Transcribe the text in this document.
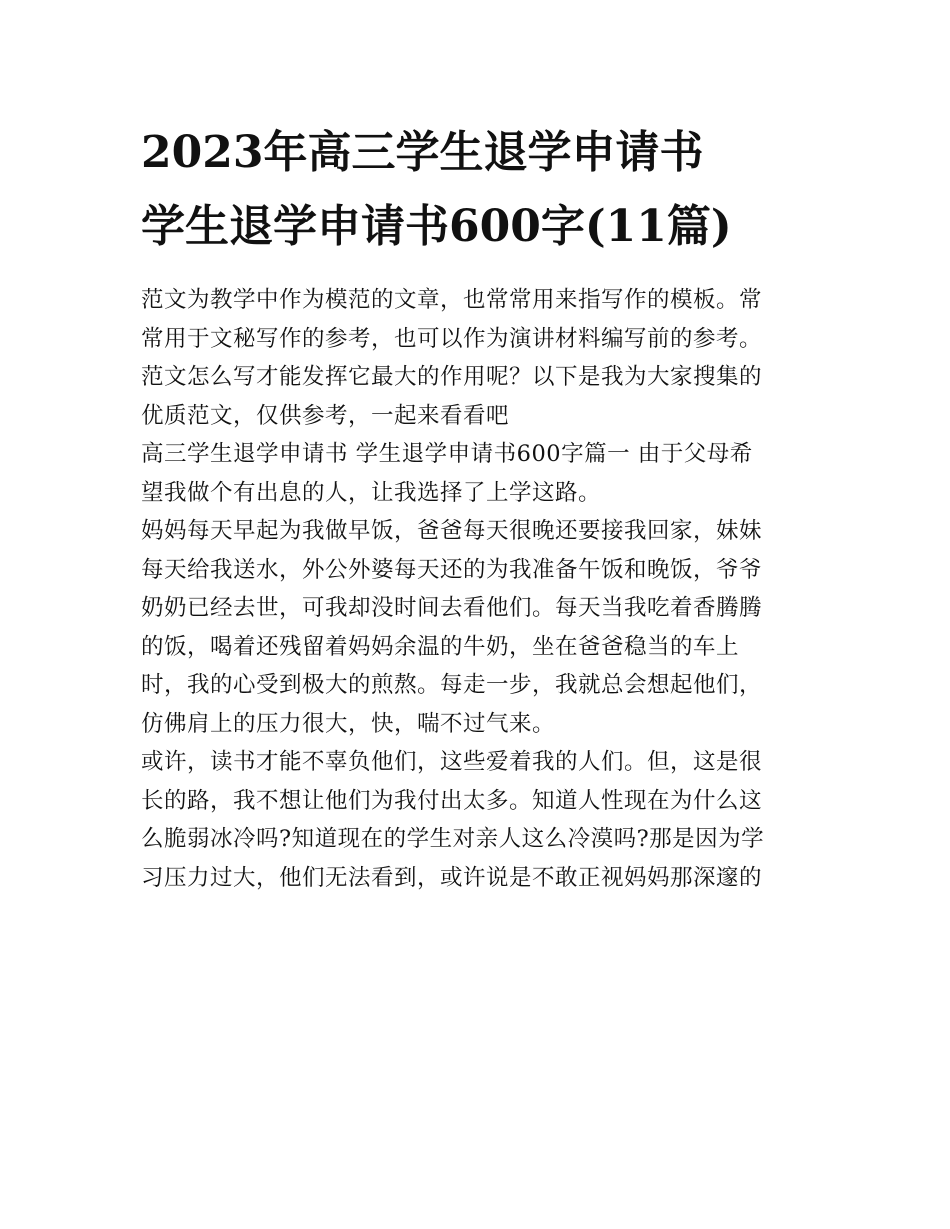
2023年高三学生退学申请书
学生退学申请书600字(11篇)
范文为教学中作为模范的文章，也常常用来指写作的模板。常
常用于文秘写作的参考，也可以作为演讲材料编写前的参考。
范文怎么写才能发挥它最大的作用呢？以下是我为大家搜集的
优质范文，仅供参考，一起来看看吧
高三学生退学申请书 学生退学申请书600字篇一 由于父母希
望我做个有出息的人，让我选择了上学这路。
妈妈每天早起为我做早饭，爸爸每天很晚还要接我回家，妹妹
每天给我送水，外公外婆每天还的为我准备午饭和晚饭，爷爷
奶奶已经去世，可我却没时间去看他们。每天当我吃着香腾腾
的饭，喝着还残留着妈妈余温的牛奶，坐在爸爸稳当的车上
时，我的心受到极大的煎熬。每走一步，我就总会想起他们，
仿佛肩上的压力很大，快，喘不过气来。
或许，读书才能不辜负他们，这些爱着我的人们。但，这是很
长的路，我不想让他们为我付出太多。知道人性现在为什么这
么脆弱冰冷吗?知道现在的学生对亲人这么冷漠吗?那是因为学
习压力过大，他们无法看到，或许说是不敢正视妈妈那深邃的
